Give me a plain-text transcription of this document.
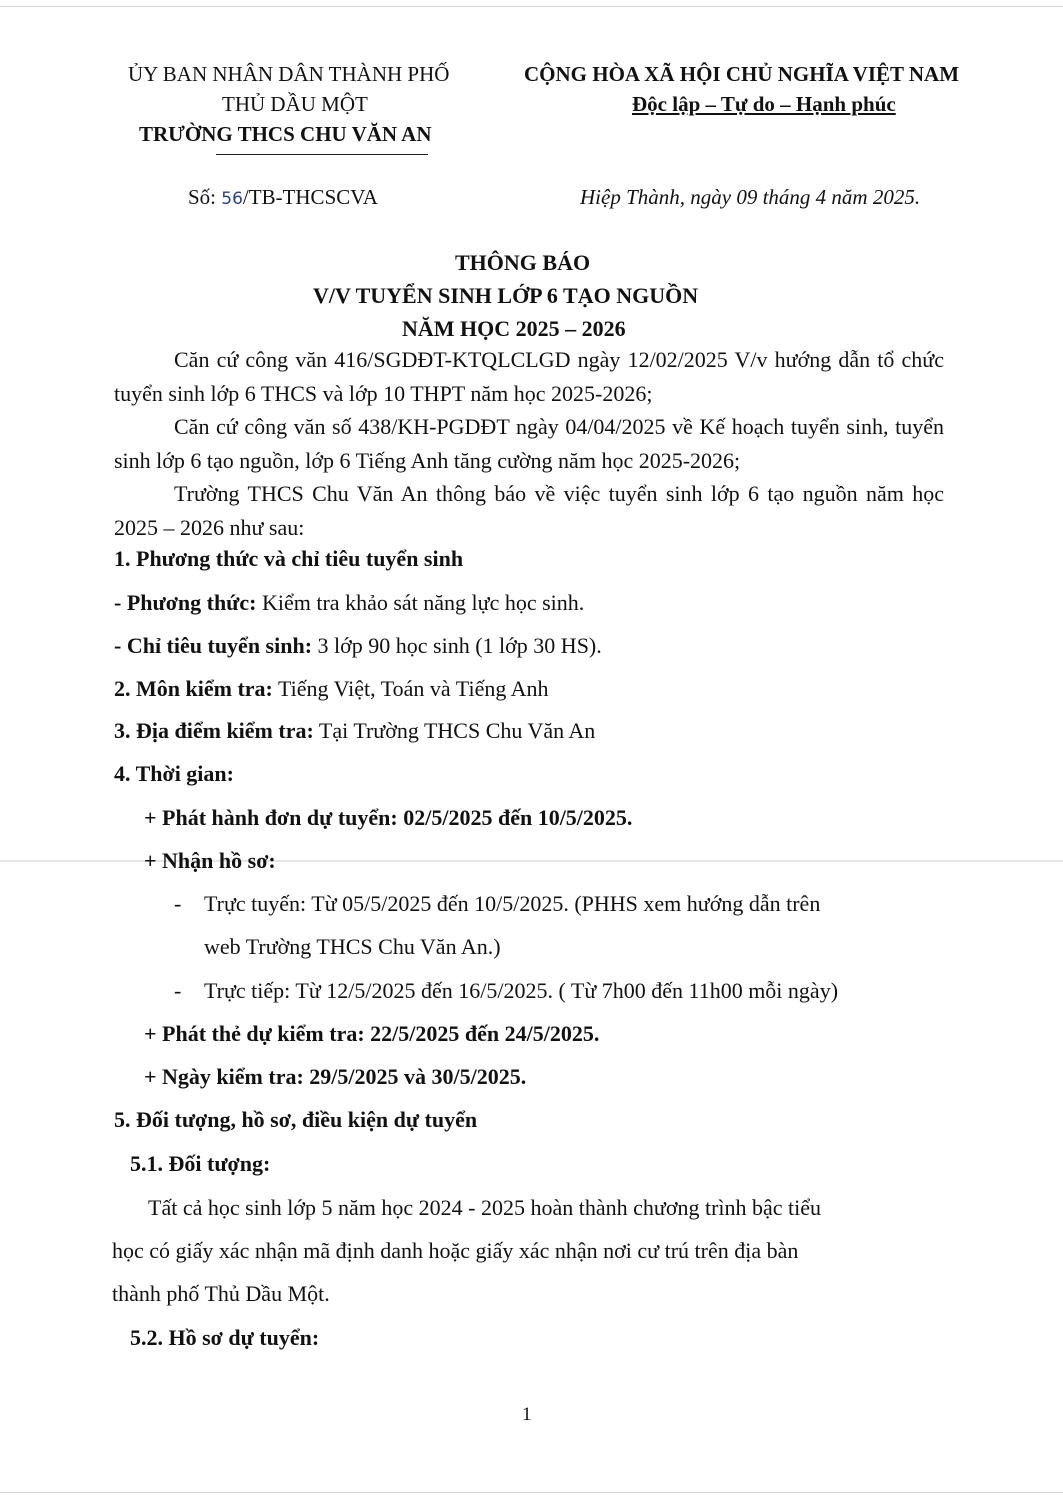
ỦY BAN NHÂN DÂN THÀNH PHỐ
THỦ DẦU MỘT
TRƯỜNG THCS CHU VĂN AN
CỘNG HÒA XÃ HỘI CHỦ NGHĨA VIỆT NAM
Độc lập – Tự do – Hạnh phúc
Số: 56/TB-THCSCVA	Hiệp Thành, ngày 09 tháng 4 năm 2025.
THÔNG BÁO
V/V TUYỂN SINH LỚP 6 TẠO NGUỒN
NĂM HỌC 2025 – 2026
Căn cứ công văn 416/SGDĐT-KTQLCLGD ngày 12/02/2025 V/v hướng dẫn tổ chức tuyển sinh lớp 6 THCS và lớp 10 THPT năm học 2025-2026;
Căn cứ công văn số 438/KH-PGDĐT ngày 04/04/2025 về Kế hoạch tuyển sinh, tuyển sinh lớp 6 tạo nguồn, lớp 6 Tiếng Anh tăng cường năm học 2025-2026;
Trường THCS Chu Văn An thông báo về việc tuyển sinh lớp 6 tạo nguồn năm học 2025 – 2026 như sau:
1. Phương thức và chỉ tiêu tuyển sinh
- Phương thức: Kiểm tra khảo sát năng lực học sinh.
- Chỉ tiêu tuyển sinh: 3 lớp 90 học sinh (1 lớp 30 HS).
2. Môn kiểm tra: Tiếng Việt, Toán và Tiếng Anh
3. Địa điểm kiểm tra: Tại Trường THCS Chu Văn An
4. Thời gian:
+ Phát hành đơn dự tuyển: 02/5/2025 đến 10/5/2025.
+ Nhận hồ sơ:
- Trực tuyến: Từ 05/5/2025 đến 10/5/2025. (PHHS xem hướng dẫn trên
web Trường THCS Chu Văn An.)
- Trực tiếp: Từ 12/5/2025 đến 16/5/2025. ( Từ 7h00 đến 11h00 mỗi ngày)
+ Phát thẻ dự kiểm tra: 22/5/2025 đến 24/5/2025.
+ Ngày kiểm tra: 29/5/2025 và 30/5/2025.
5. Đối tượng, hồ sơ, điều kiện dự tuyển
5.1. Đối tượng:
Tất cả học sinh lớp 5 năm học 2024 - 2025 hoàn thành chương trình bậc tiểu
học có giấy xác nhận mã định danh hoặc giấy xác nhận nơi cư trú trên địa bàn
thành phố Thủ Dầu Một.
5.2. Hồ sơ dự tuyển:
1
